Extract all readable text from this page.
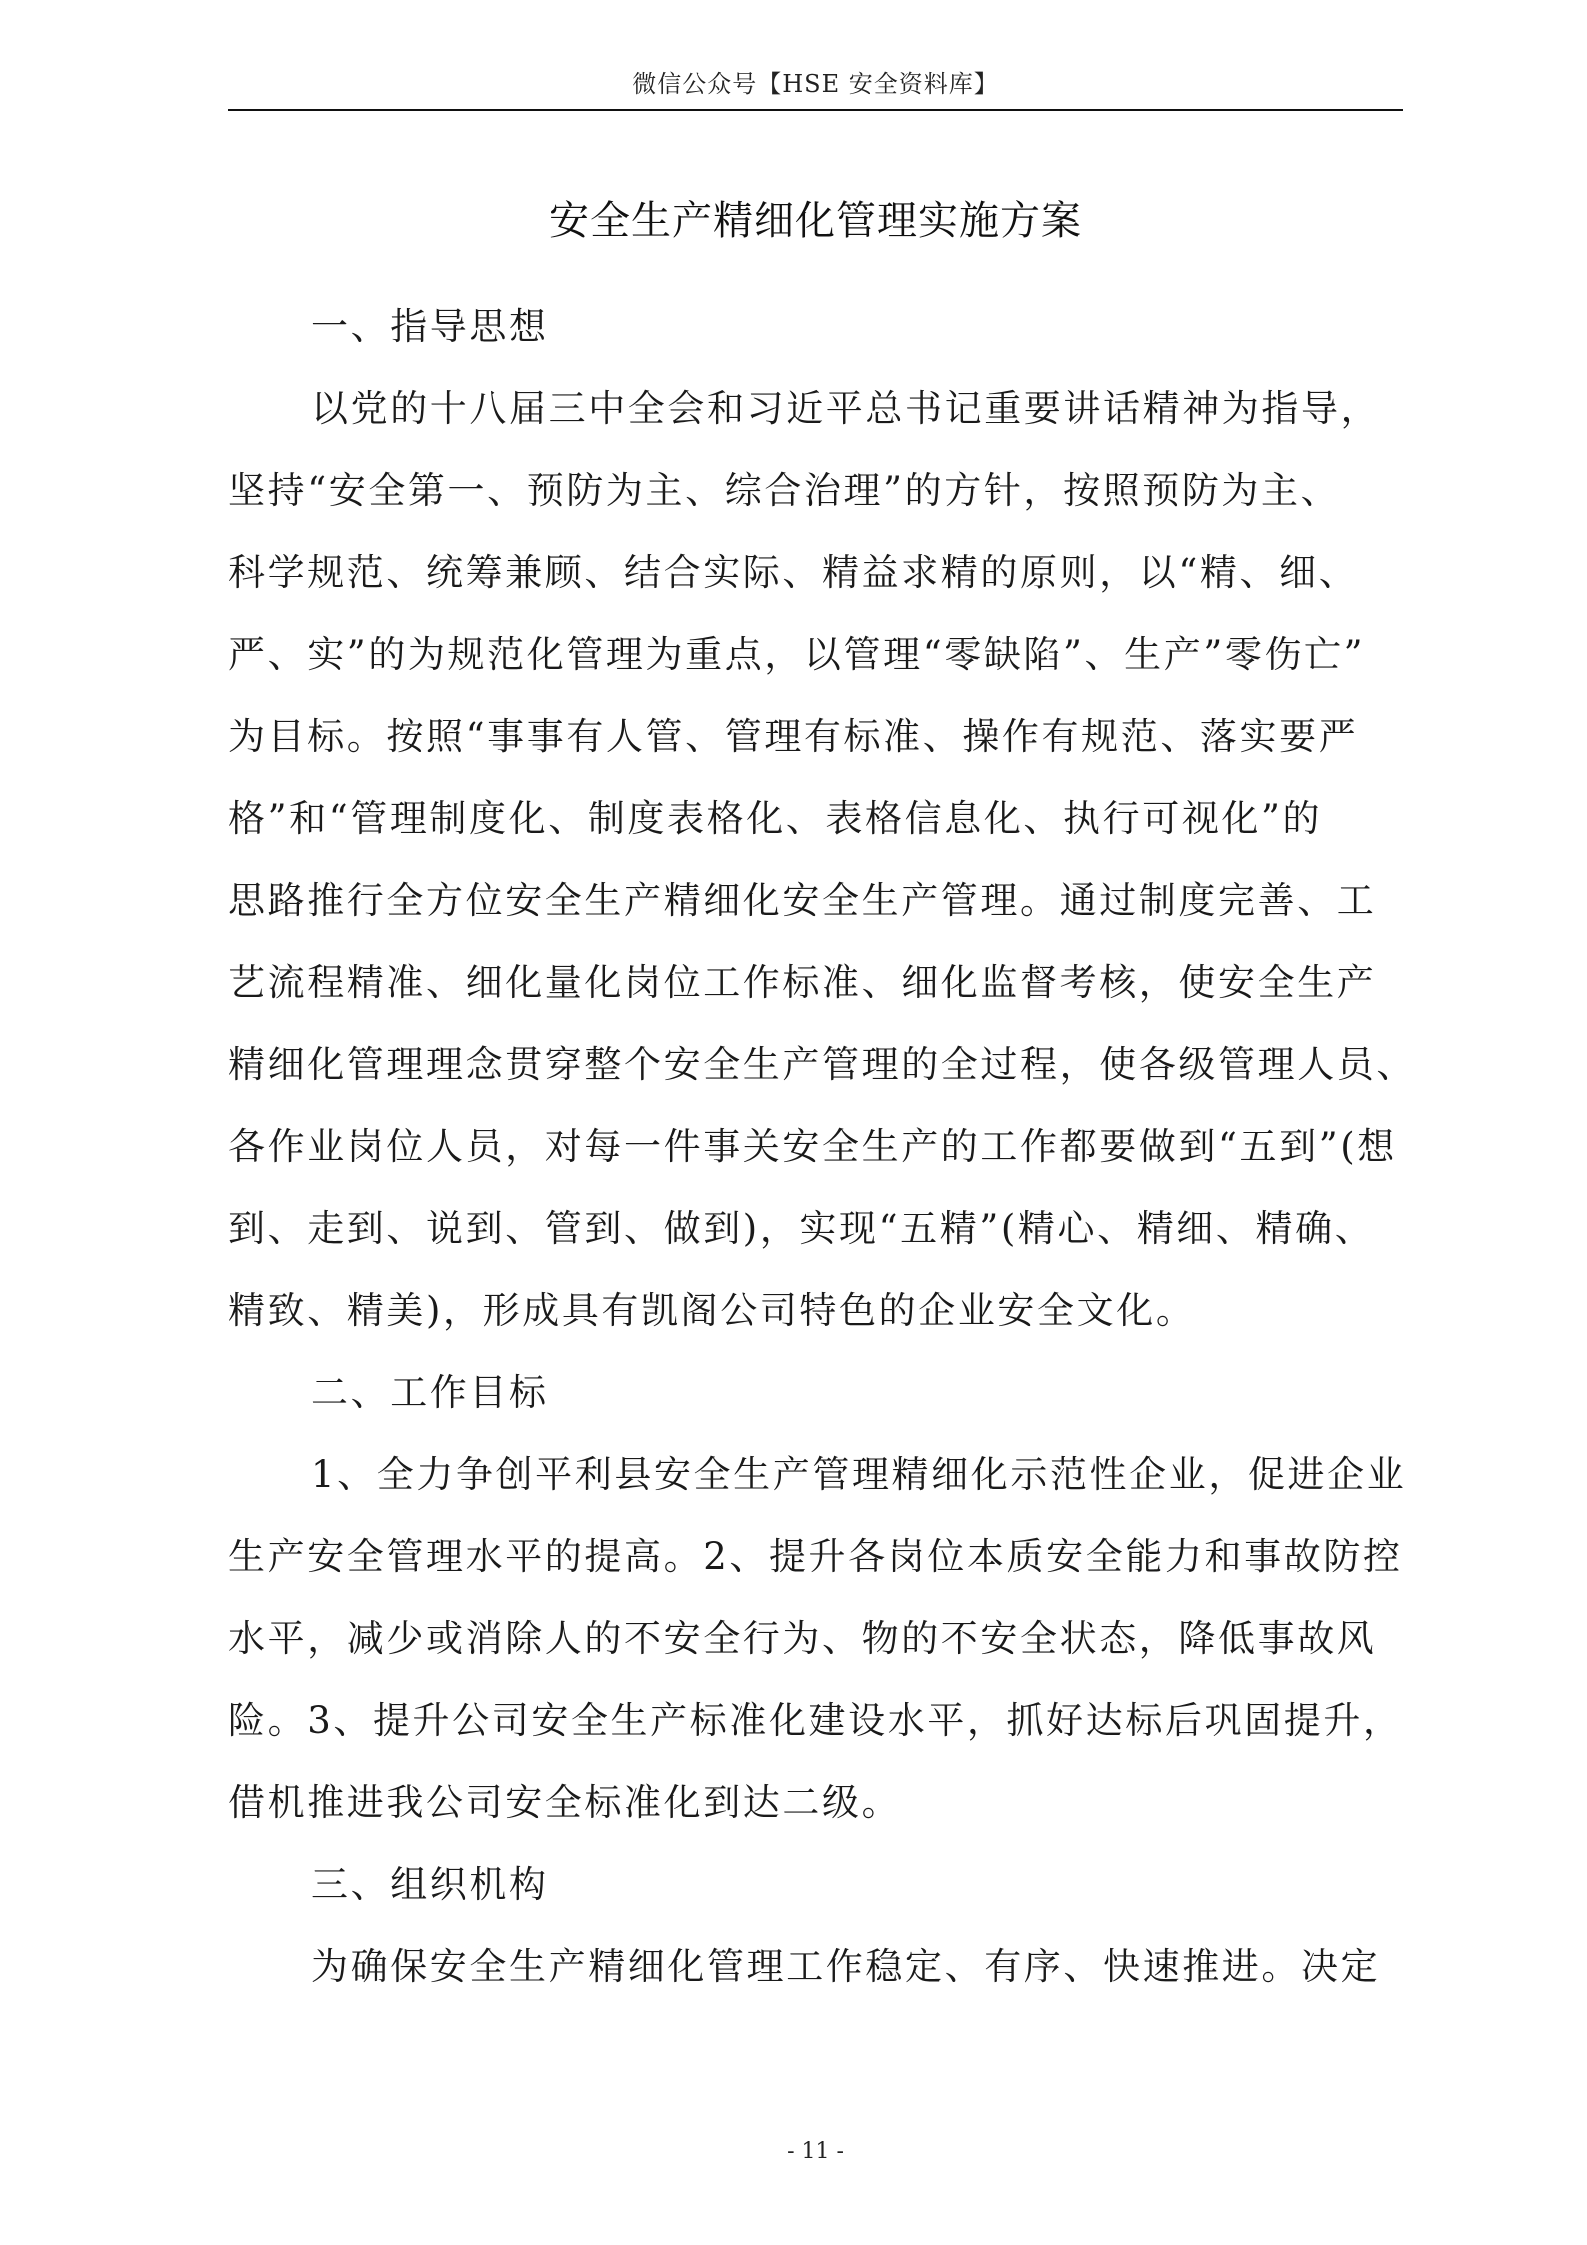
微信公众号【HSE 安全资料库】
安全生产精细化管理实施方案
一、指导思想
以党的十八届三中全会和习近平总书记重要讲话精神为指导，
坚持“安全第一、预防为主、综合治理”的方针，按照预防为主、
科学规范、统筹兼顾、结合实际、精益求精的原则，以“精、细、
严、实”的为规范化管理为重点，以管理“零缺陷”、生产”零伤亡”
为目标。按照“事事有人管、管理有标准、操作有规范、落实要严
格”和“管理制度化、制度表格化、表格信息化、执行可视化”的
思路推行全方位安全生产精细化安全生产管理。通过制度完善、工
艺流程精准、细化量化岗位工作标准、细化监督考核，使安全生产
精细化管理理念贯穿整个安全生产管理的全过程，使各级管理人员、
各作业岗位人员，对每一件事关安全生产的工作都要做到“五到”(想
到、走到、说到、管到、做到)，实现“五精”(精心、精细、精确、
精致、精美)，形成具有凯阁公司特色的企业安全文化。
二、工作目标
1、全力争创平利县安全生产管理精细化示范性企业，促进企业
生产安全管理水平的提高。2、提升各岗位本质安全能力和事故防控
水平，减少或消除人的不安全行为、物的不安全状态，降低事故风
险。3、提升公司安全生产标准化建设水平，抓好达标后巩固提升，
借机推进我公司安全标准化到达二级。
三、组织机构
为确保安全生产精细化管理工作稳定、有序、快速推进。决定
- 11 -
